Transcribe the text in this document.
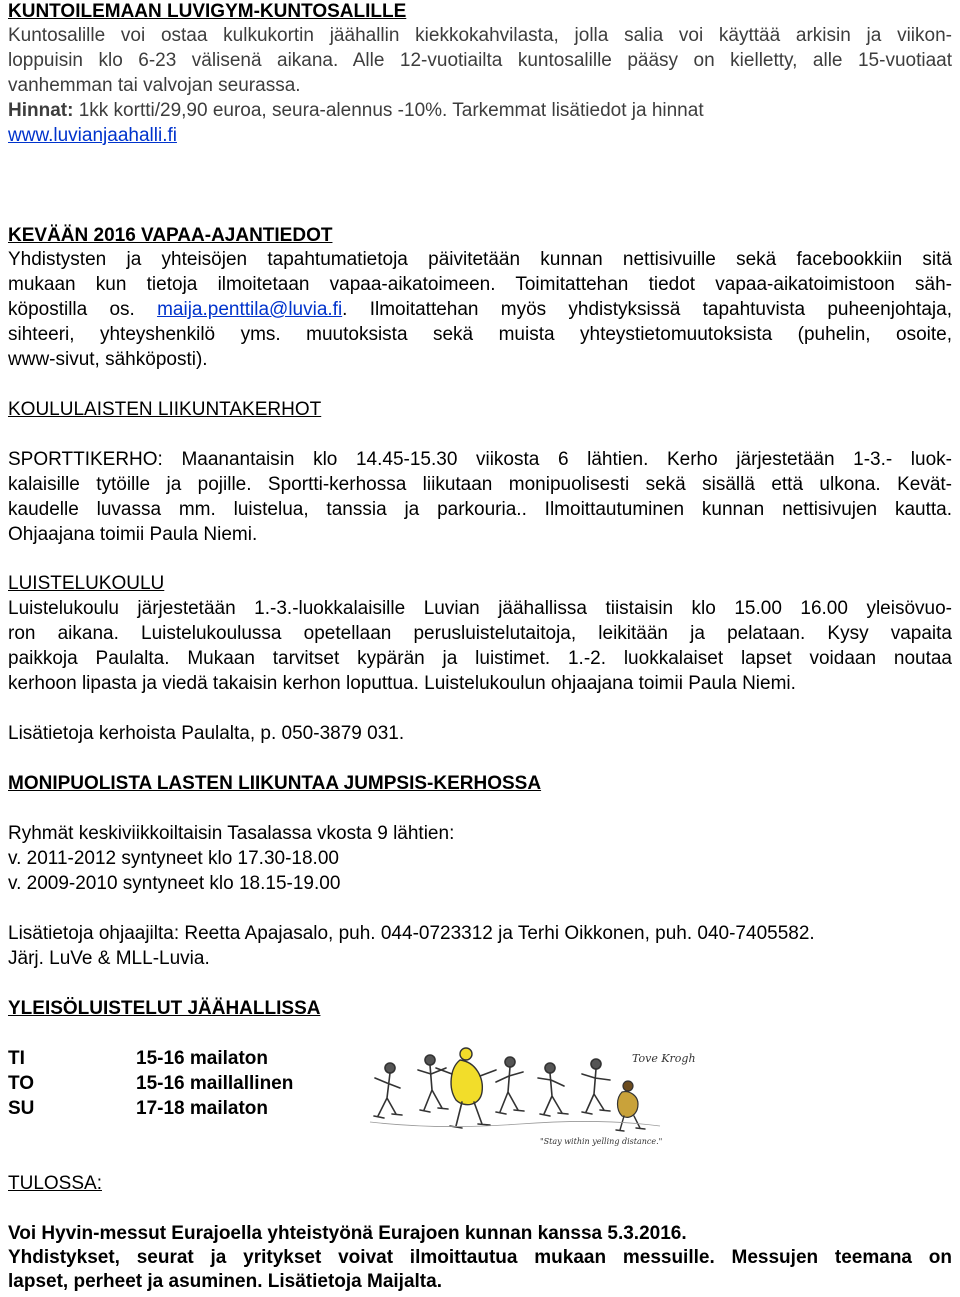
KUNTOILEMAAN LUVIGYM-KUNTOSALILLE
Kuntosalille voi ostaa kulkukortin jäähallin kiekkokahvilasta, jolla salia voi käyttää arkisin ja viikon-
loppuisin klo 6-23 välisenä aikana. Alle 12-vuotiailta kuntosalille pääsy on kielletty, alle 15-vuotiaat
vanhemman tai valvojan seurassa.
Hinnat: 1kk kortti/29,90 euroa, seura-alennus -10%. Tarkemmat lisätiedot ja hinnat
www.luvianjaahalli.fi
KEVÄÄN 2016 VAPAA-AJANTIEDOT
Yhdistysten ja yhteisöjen tapahtumatietoja päivitetään kunnan nettisivuille sekä facebookkiin sitä
mukaan kun tietoja ilmoitetaan vapaa-aikatoimeen. Toimitattehan tiedot vapaa-aikatoimistoon säh-
köpostilla os. maija.penttila@luvia.fi. Ilmoitattehan myös yhdistyksissä tapahtuvista puheenjohtaja,
sihteeri, yhteyshenkilö yms. muutoksista sekä muista yhteystietomuutoksista (puhelin, osoite,
www-sivut, sähköposti).
KOULULAISTEN LIIKUNTAKERHOT
SPORTTIKERHO: Maanantaisin klo 14.45-15.30 viikosta 6 lähtien. Kerho järjestetään 1-3.- luok-
kalaisille tytöille ja pojille. Sportti-kerhossa liikutaan monipuolisesti sekä sisällä että ulkona. Kevät-
kaudelle luvassa mm. luistelua, tanssia ja parkouria.. Ilmoittautuminen kunnan nettisivujen kautta.
Ohjaajana toimii Paula Niemi.
LUISTELUKOULU
Luistelukoulu järjestetään 1.-3.-luokkalaisille Luvian jäähallissa tiistaisin klo 15.00 16.00 yleisövuo-
ron aikana. Luistelukoulussa opetellaan perusluistelutaitoja, leikitään ja pelataan. Kysy vapaita
paikkoja Paulalta. Mukaan tarvitset kypärän ja luistimet. 1.-2. luokkalaiset lapset voidaan noutaa
kerhoon lipasta ja viedä takaisin kerhon loputtua. Luistelukoulun ohjaajana toimii Paula Niemi.
Lisätietoja kerhoista Paulalta, p. 050-3879 031.
MONIPUOLISTA LASTEN LIIKUNTAA JUMPSIS-KERHOSSA
Ryhmät keskiviikkoiltaisin Tasalassa vkosta 9 lähtien:
v. 2011-2012 syntyneet klo 17.30-18.00
v. 2009-2010 syntyneet klo 18.15-19.00
Lisätietoja ohjaajilta: Reetta Apajasalo, puh. 044-0723312 ja Terhi Oikkonen, puh. 040-7405582.
Järj. LuVe & MLL-Luvia.
YLEISÖLUISTELUT JÄÄHALLISSA
TI	15-16 mailaton
TO	15-16 maillallinen
SU	17-18 mailaton
Tove Krogh
"Stay within yelling distance."
TULOSSA:
Voi Hyvin-messut Eurajoella yhteistyönä Eurajoen kunnan kanssa 5.3.2016.
Yhdistykset, seurat ja yritykset voivat ilmoittautua mukaan messuille. Messujen teemana on
lapset, perheet ja asuminen. Lisätietoja Maijalta.
